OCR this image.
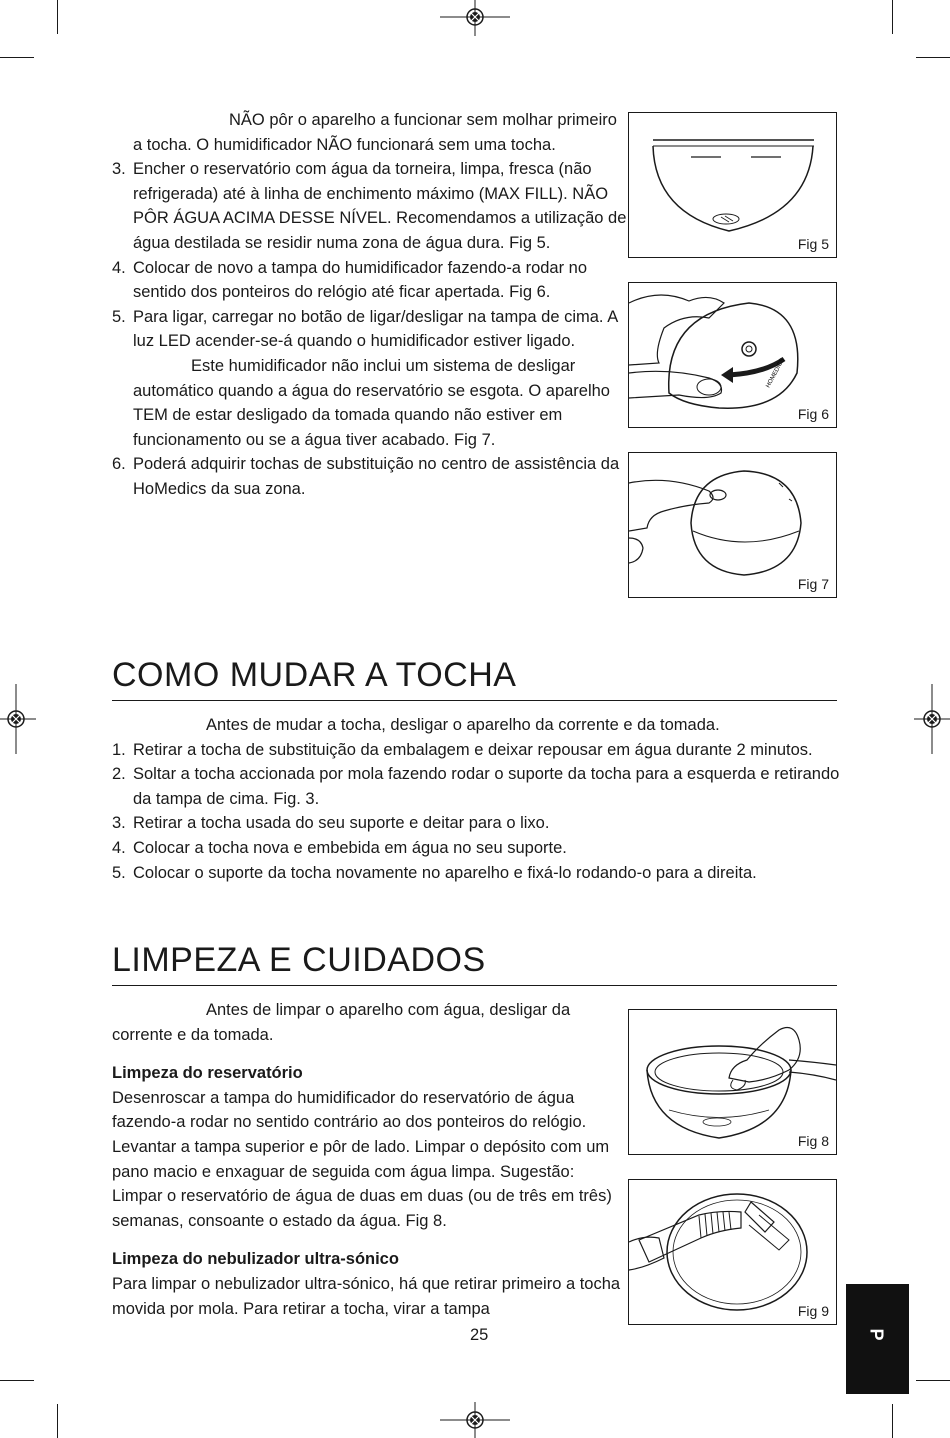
NÃO pôr o aparelho a funcionar sem molhar primeiro a tocha. O humidificador NÃO funcionará sem uma tocha.
3. Encher o reservatório com água da torneira, limpa, fresca (não refrigerada) até à linha de enchimento máximo (MAX FILL). NÃO PÔR ÁGUA ACIMA DESSE NÍVEL. Recomendamos a utilização de água destilada se residir numa zona de água dura. Fig 5.
4. Colocar de novo a tampa do humidificador fazendo-a rodar no sentido dos ponteiros do relógio até ficar apertada. Fig 6.
5. Para ligar, carregar no botão de ligar/desligar na tampa de cima. A luz LED acender-se-á quando o humidificador estiver ligado.
Este humidificador não inclui um sistema de desligar automático quando a água do reservatório se esgota. O aparelho TEM de estar desligado da tomada quando não estiver em funcionamento ou se a água tiver acabado. Fig 7.
6. Poderá adquirir tochas de substituição no centro de assistência da HoMedics da sua zona.
Fig 5
HOMEDICS
Fig 6
Fig 7
COMO MUDAR A TOCHA
Antes de mudar a tocha, desligar o aparelho da corrente e da tomada.
1. Retirar a tocha de substituição da embalagem e deixar repousar em água durante 2 minutos.
2. Soltar a tocha accionada por mola fazendo rodar o suporte da tocha para a esquerda e retirando da tampa de cima. Fig. 3.
3. Retirar a tocha usada do seu suporte e deitar para o lixo.
4. Colocar a tocha nova e embebida em água no seu suporte.
5. Colocar o suporte da tocha novamente no aparelho e fixá-lo rodando-o para a direita.
LIMPEZA E CUIDADOS
Antes de limpar o aparelho com água, desligar da corrente e da tomada.
Limpeza do reservatório
Desenroscar a tampa do humidificador do reservatório de água fazendo-a rodar no sentido contrário ao dos ponteiros do relógio. Levantar a tampa superior e pôr de lado. Limpar o depósito com um pano macio e enxaguar de seguida com água limpa. Sugestão: Limpar o reservatório de água de duas em duas (ou de três em três) semanas, consoante o estado da água. Fig 8.
Limpeza do nebulizador ultra-sónico
Para limpar o nebulizador ultra-sónico, há que retirar primeiro a tocha movida por mola. Para retirar a tocha, virar a tampa
Fig 8
Fig 9
25	P
